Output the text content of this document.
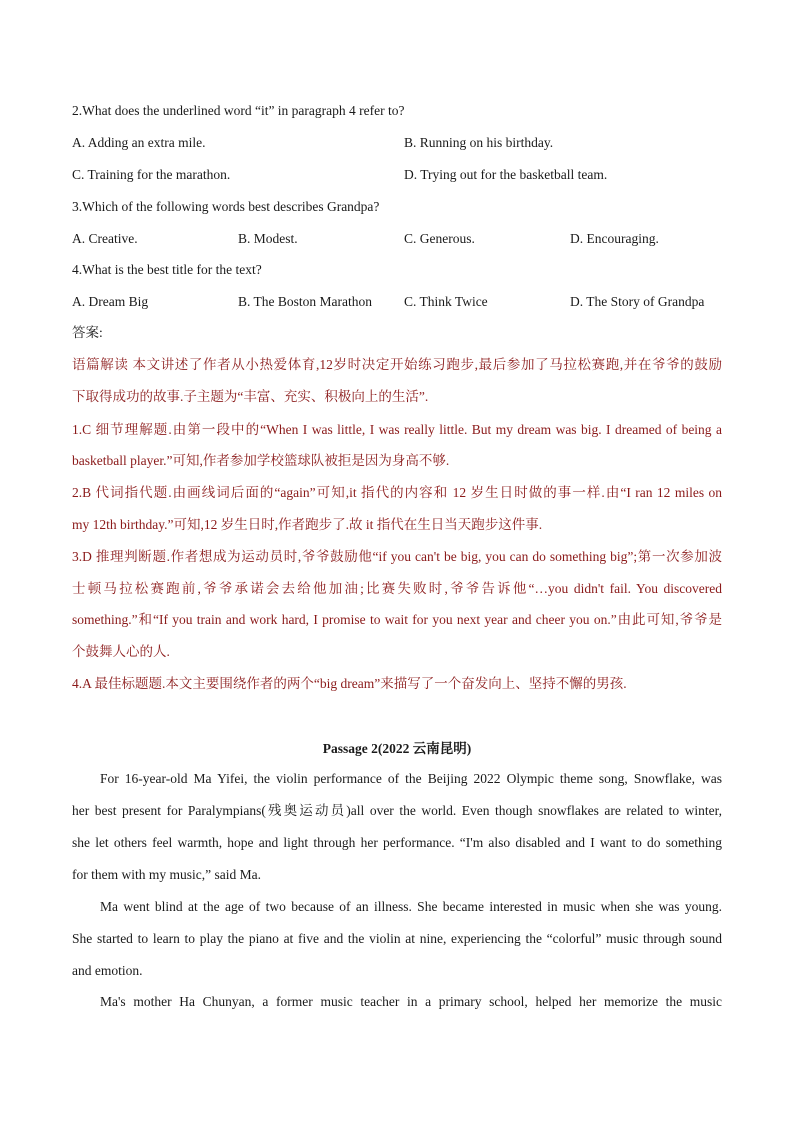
2.What does the underlined word “it” in paragraph 4 refer to?
A. Adding an extra mile.	B. Running on his birthday.
C. Training for the marathon.	D. Trying out for the basketball team.
3.Which of the following words best describes Grandpa?
A. Creative.	B. Modest.	C. Generous.	D. Encouraging.
4.What is the best title for the text?
A. Dream Big	B. The Boston Marathon C. Think Twice	D. The Story of Grandpa
答案:
语篇解读 本文讲述了作者从小热爱体育,12岁时决定开始练习跑步,最后参加了马拉松赛跑,并在爷爷的鼓励
下取得成功的故事.子主题为“丰富、充实、积极向上的生活”.
1.C 细节理解题.由第一段中的“When I was little, I was really little. But my dream was big. I dreamed of being a
basketball player.”可知,作者参加学校篮球队被拒是因为身高不够.
2.B 代词指代题.由画线词后面的“again”可知,it 指代的内容和 12 岁生日时做的事一样.由“I ran 12 miles on
my 12th birthday.”可知,12 岁生日时,作者跑步了.故 it 指代在生日当天跑步这件事.
3.D 推理判断题.作者想成为运动员时,爷爷鼓励他“if you can't be big, you can do something big”;第一次参加波
士顿马拉松赛跑前,爷爷承诺会去给他加油;比赛失败时,爷爷告诉他“…you didn't fail. You discovered
something.”和“If you train and work hard, I promise to wait for you next year and cheer you on.”由此可知,爷爷是
个鼓舞人心的人.
4.A 最佳标题题.本文主要围绕作者的两个“big dream”来描写了一个奋发向上、坚持不懈的男孩.
Passage 2(2022 云南昆明)
For 16-year-old Ma Yifei, the violin performance of the Beijing 2022 Olympic theme song, Snowflake, was
her best present for Paralympians(残奥运动员)all over the world. Even though snowflakes are related to winter,
she let others feel warmth, hope and light through her performance. “I'm also disabled and I want to do something
for them with my music,” said Ma.
Ma went blind at the age of two because of an illness. She became interested in music when she was young.
She started to learn to play the piano at five and the violin at nine, experiencing the “colorful” music through sound
and emotion.
Ma's mother Ha Chunyan, a former music teacher in a primary school, helped her memorize the music
